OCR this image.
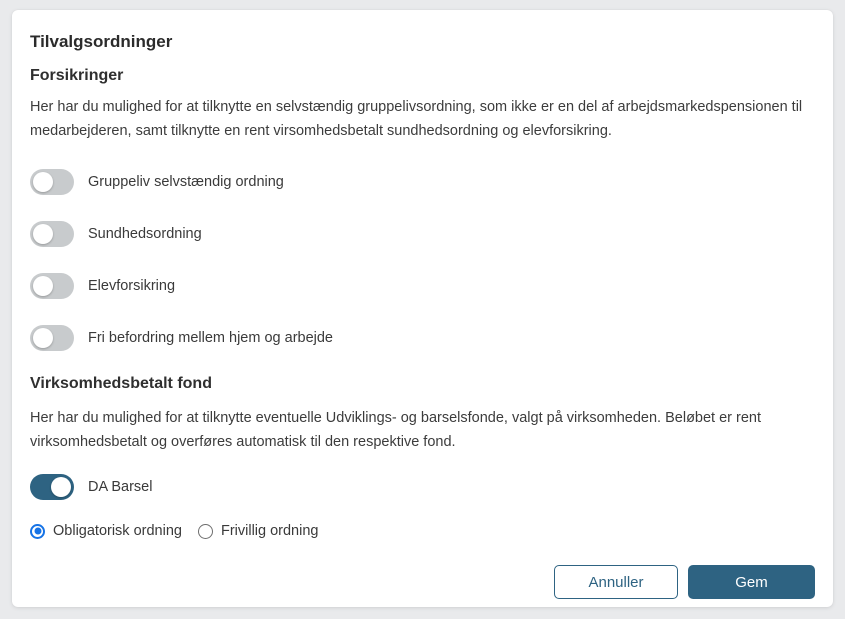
Tilvalgsordninger
Forsikringer
Her har du mulighed for at tilknytte en selvstændig gruppelivsordning, som ikke er en del af arbejdsmarkedspensionen til medarbejderen, samt tilknytte en rent virsomhedsbetalt sundhedsordning og elevforsikring.
Gruppeliv selvstændig ordning
Sundhedsordning
Elevforsikring
Fri befordring mellem hjem og arbejde
Virksomhedsbetalt fond
Her har du mulighed for at tilknytte eventuelle Udviklings- og barselsfonde, valgt på virksomheden. Beløbet er rent virksomhedsbetalt og overføres automatisk til den respektive fond.
DA Barsel
Obligatorisk ordning	Frivillig ordning
Annuller	Gem
